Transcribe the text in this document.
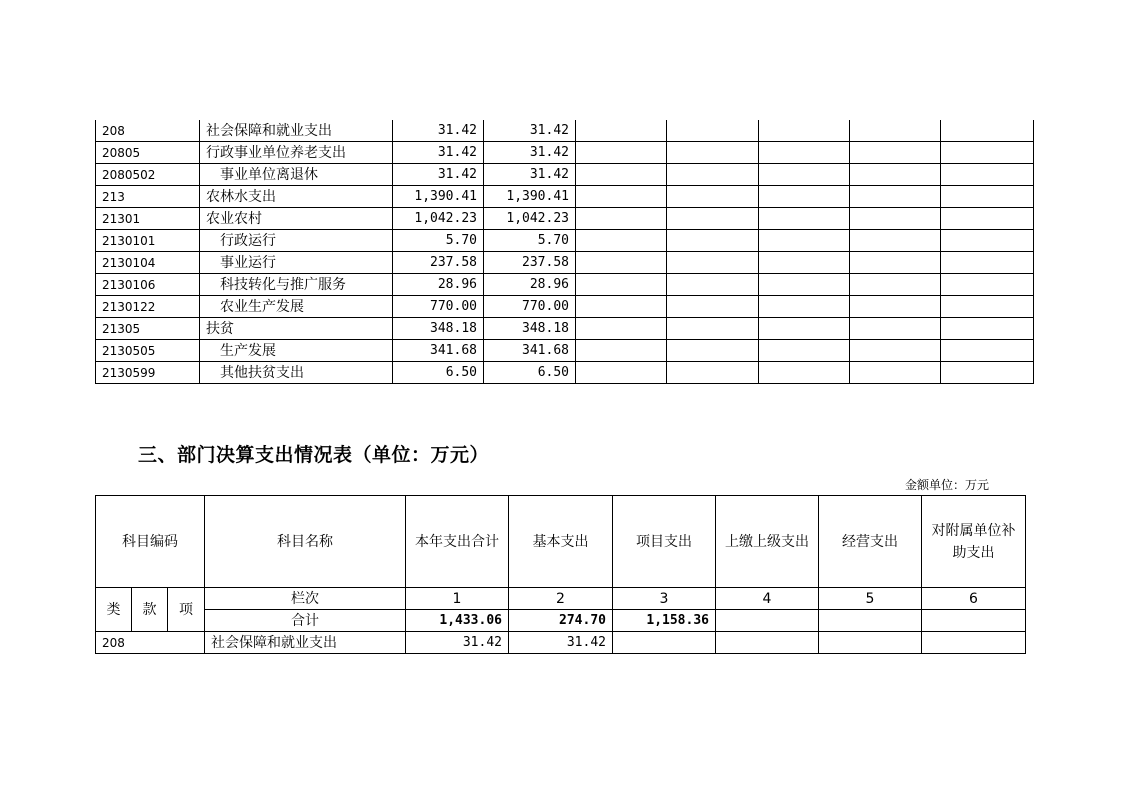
208	社会保障和就业支出	31.42	31.42					
20805	行政事业单位养老支出	31.42	31.42					
2080502	事业单位离退休	31.42	31.42					
213	农林水支出	1,390.41	1,390.41					
21301	农业农村	1,042.23	1,042.23					
2130101	行政运行	5.70	5.70					
2130104	事业运行	237.58	237.58					
2130106	科技转化与推广服务	28.96	28.96					
2130122	农业生产发展	770.00	770.00					
21305	扶贫	348.18	348.18					
2130505	生产发展	341.68	341.68					
2130599	其他扶贫支出	6.50	6.50					
三、部门决算支出情况表（单位：万元）
金额单位：万元
科目编码			科目名称	本年支出合计	基本支出	项目支出	上缴上级支出	经营支出	对附属单位补助支出
类	款	项	栏次	1	2	3	4	5	6
			合计	1,433.06	274.70	1,158.36			
208			社会保障和就业支出	31.42	31.42				
